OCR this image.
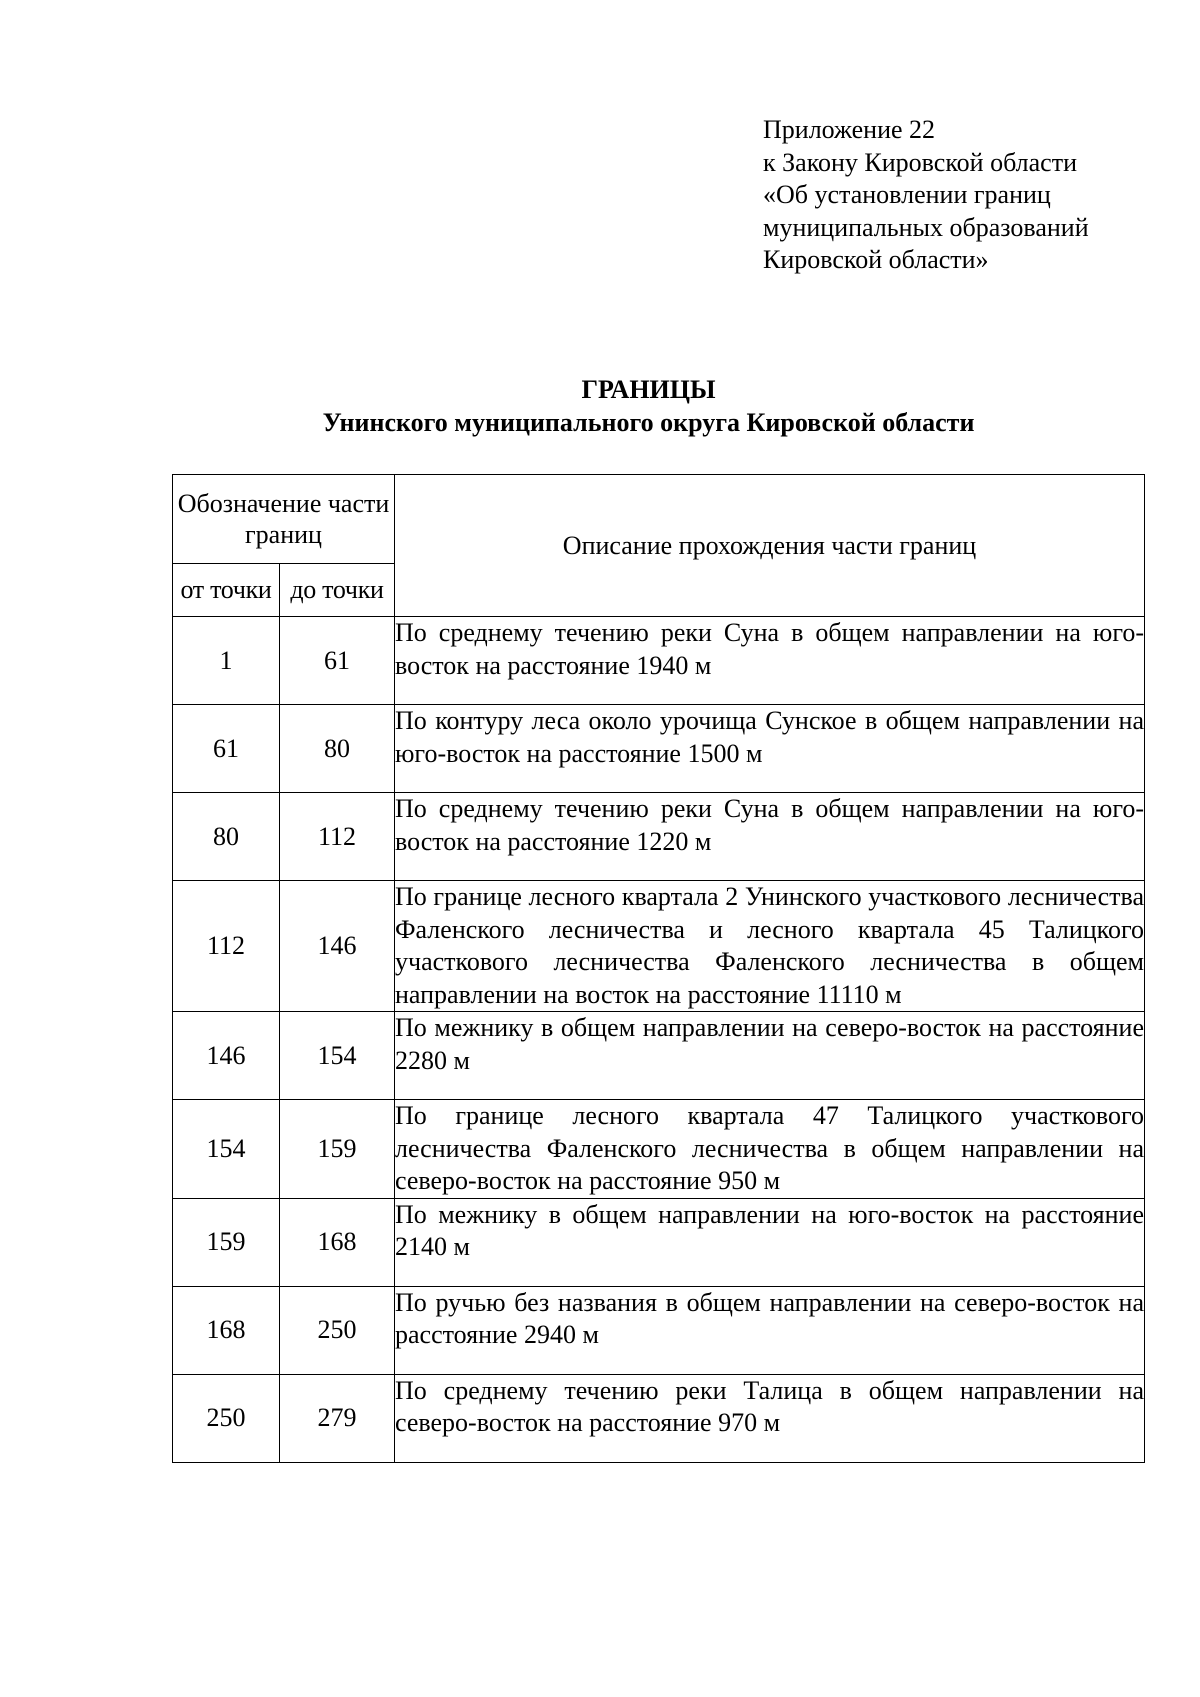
Приложение 22
к Закону Кировской области
«Об установлении границ
муниципальных образований
Кировской области»
ГРАНИЦЫ
Унинского муниципального округа Кировской области
Обозначение части границ		Описание прохождения части границ
от точки	до точки	
1	61	По среднему течению реки Суна в общем направлении на юго-восток на расстояние 1940 м
61	80	По контуру леса около урочища Сунское в общем направлении на юго-восток на расстояние 1500 м
80	112	По среднему течению реки Суна в общем направлении на юго-восток на расстояние 1220 м
112	146	По границе лесного квартала 2 Унинского участкового лесничества Фаленского лесничества и лесного квартала 45 Талицкого участкового лесничества Фаленского лесничества в общем направлении на восток на расстояние 11110 м
146	154	По межнику в общем направлении на северо-восток на расстояние 2280 м
154	159	По границе лесного квартала 47 Талицкого участкового лесничества Фаленского лесничества в общем направлении на северо-восток на расстояние 950 м
159	168	По межнику в общем направлении на юго-восток на расстояние 2140 м
168	250	По ручью без названия в общем направлении на северо-восток на расстояние 2940 м
250	279	По среднему течению реки Талица в общем направлении на северо-восток на расстояние 970 м
